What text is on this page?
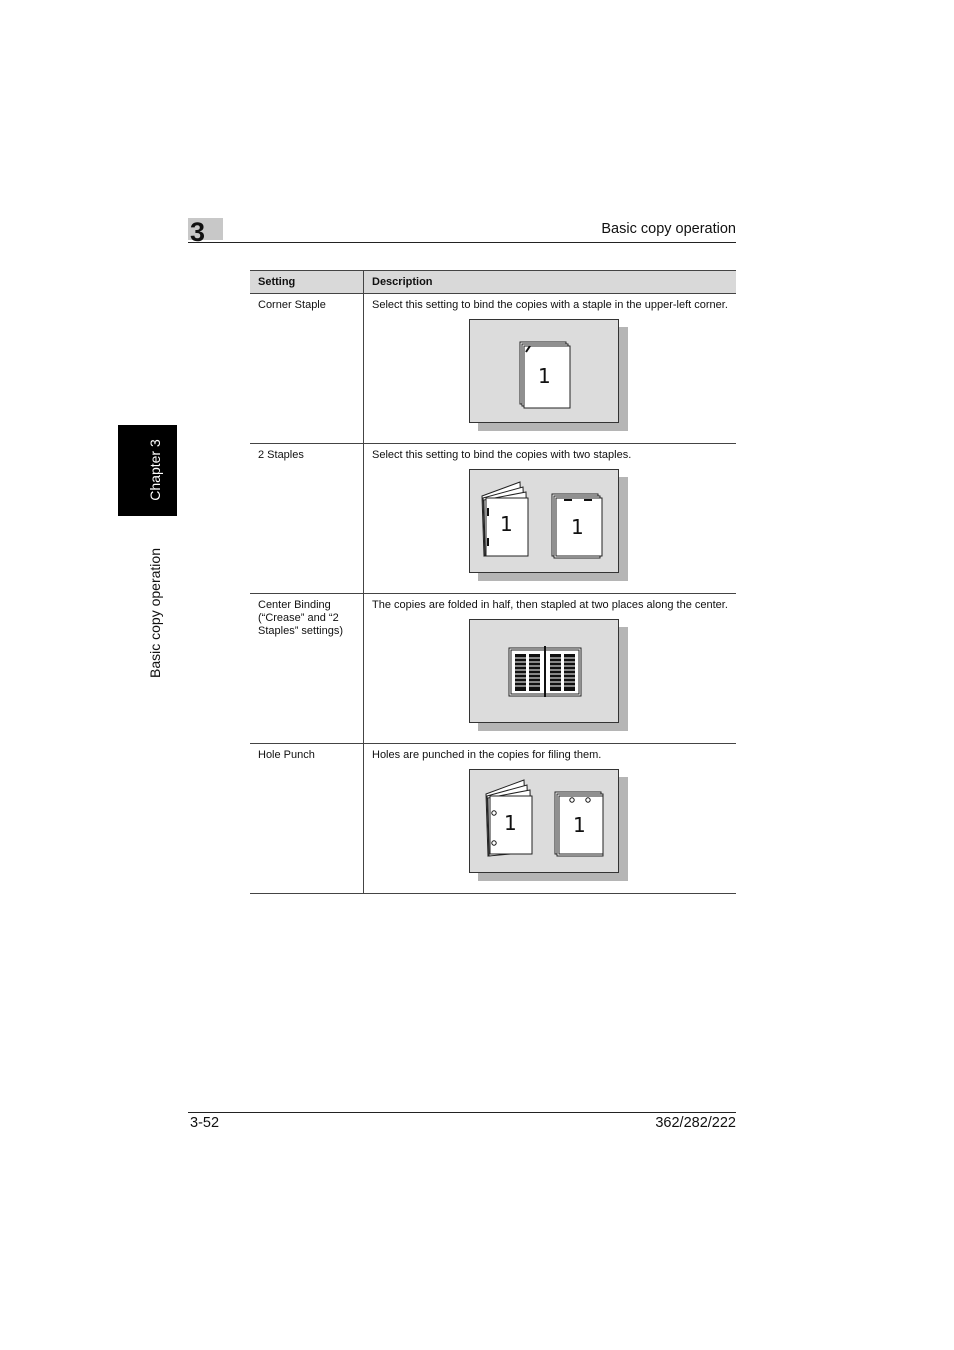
3	Basic copy operation
Chapter 3
Basic copy operation
Setting	Description
Corner Staple	Select this setting to bind the copies with a staple in the upper-left corner.
1

2 Staples	Select this setting to bind the copies with two staples.
1 1

Center Binding (“Crease” and “2 Staples” settings)	The copies are folded in half, then stapled at two places along the center.

Hole Punch	Holes are punched in the copies for filing them.
1 1
3-52	362/282/222
